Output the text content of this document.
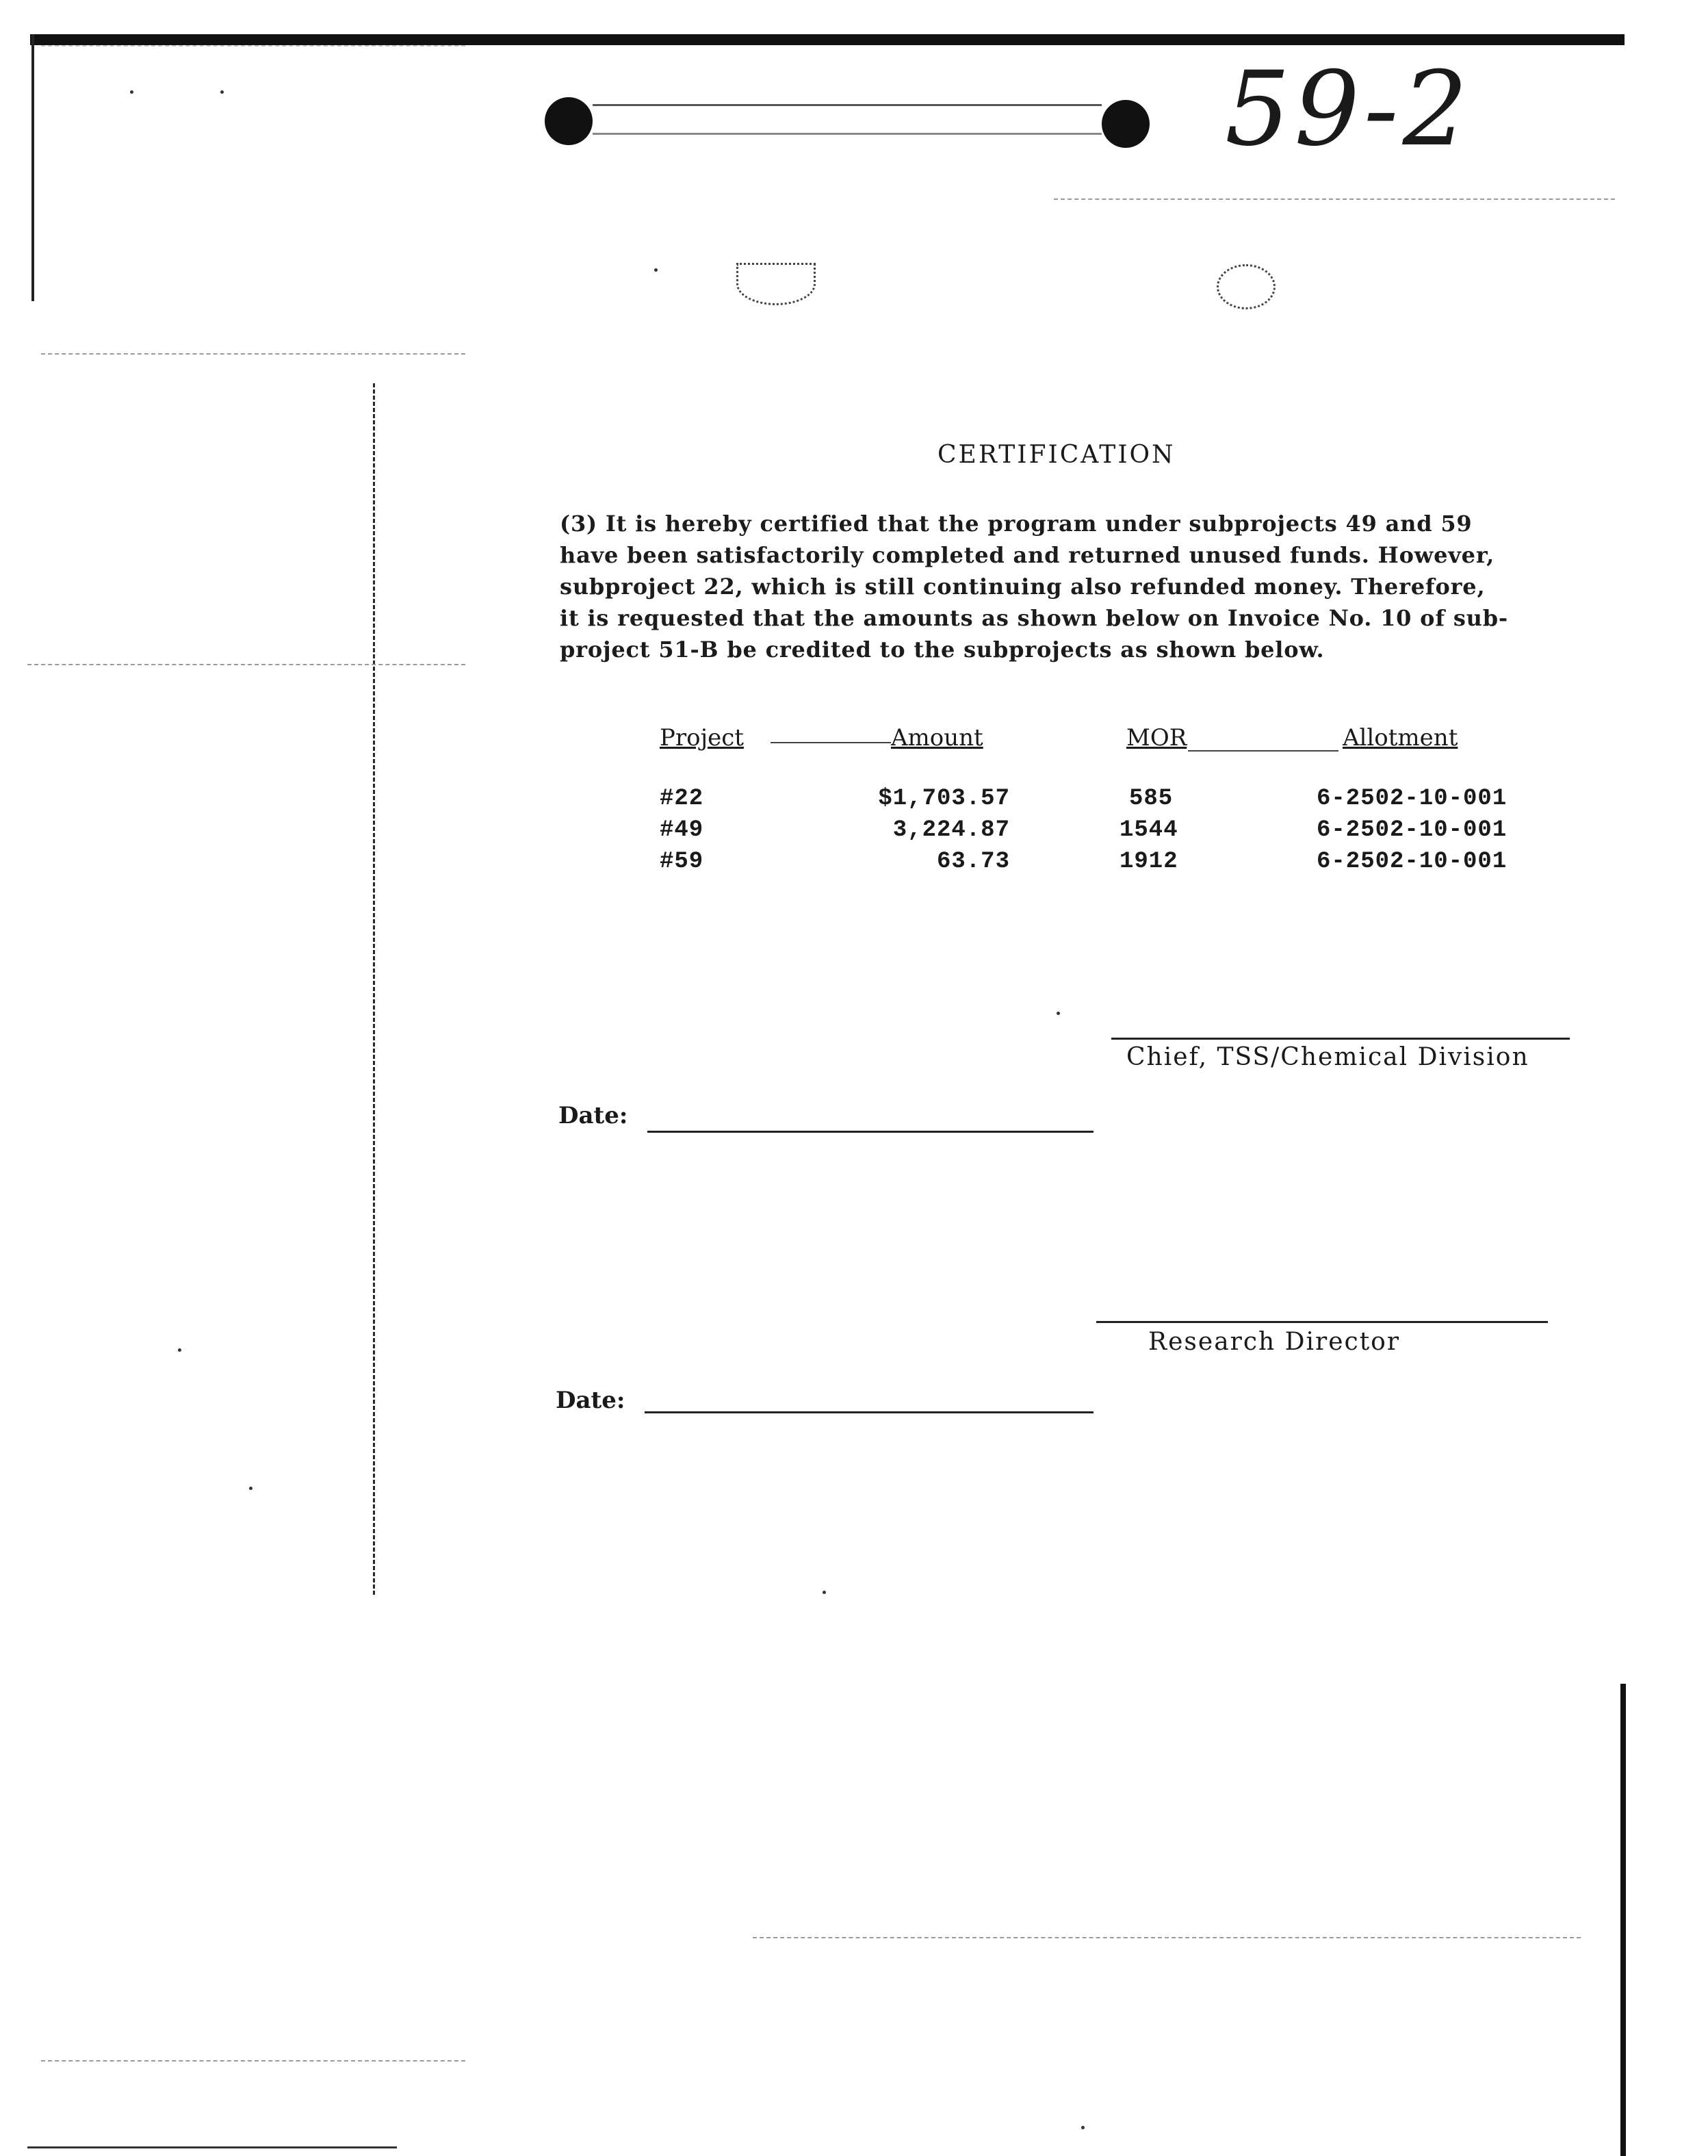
59-2
CERTIFICATION
(3) It is hereby certified that the program under subprojects 49 and 59
have been satisfactorily completed and returned unused funds. However,
subproject 22, which is still continuing also refunded money. Therefore,
it is requested that the amounts as shown below on Invoice No. 10 of sub-
project 51-B be credited to the subprojects as shown below.
Project	Amount	MOR	Allotment
#22	$1,703.57	585	6-2502-10-001
#49	3,224.87	1544	6-2502-10-001
#59	63.73	1912	6-2502-10-001
Chief, TSS/Chemical Division
Date:
Research Director
Date:
